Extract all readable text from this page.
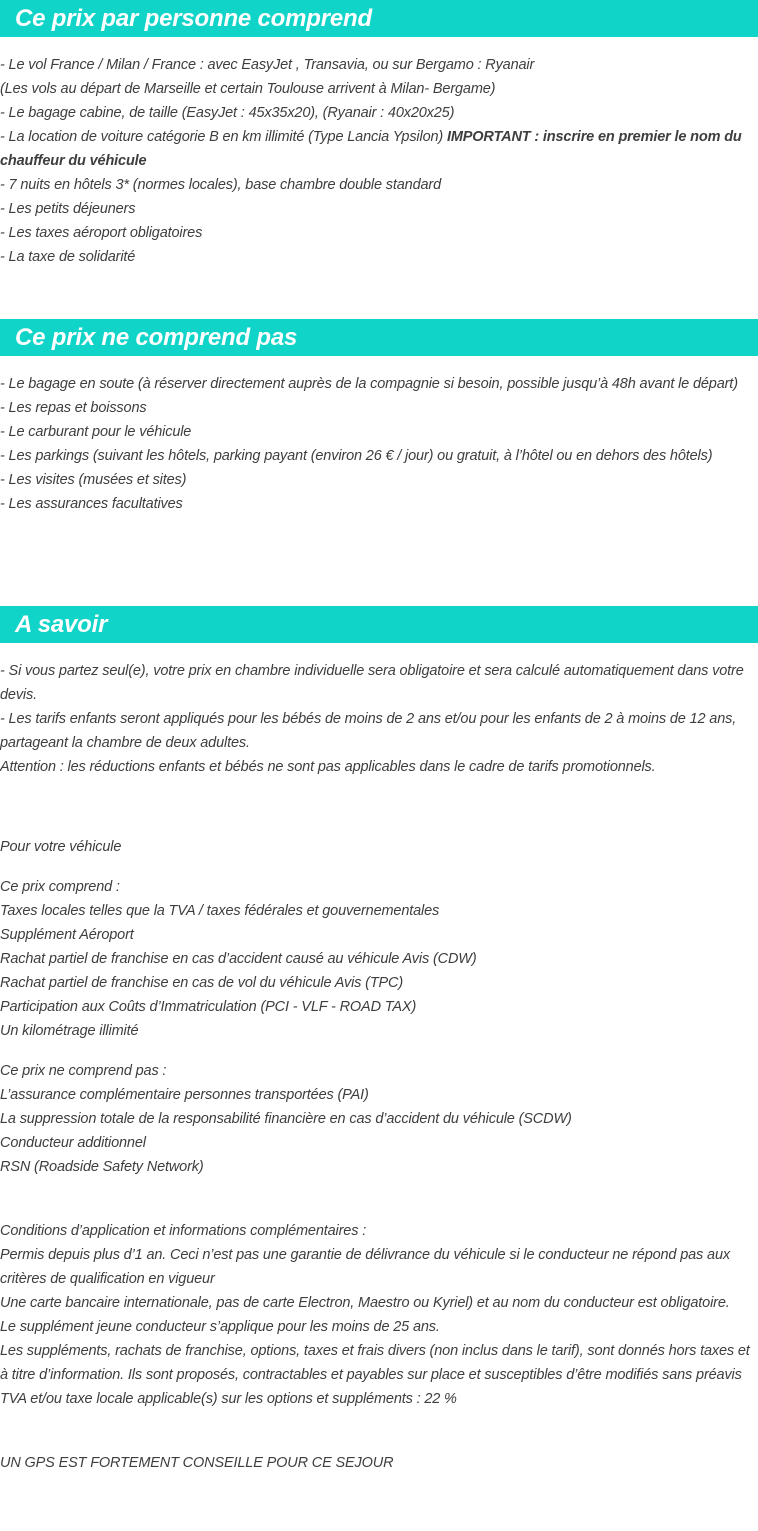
Ce prix par personne comprend
- Le vol France / Milan / France : avec EasyJet , Transavia, ou sur Bergamo : Ryanair
(Les vols au départ de Marseille et certain Toulouse arrivent à Milan- Bergame)
- Le bagage cabine, de taille (EasyJet : 45x35x20), (Ryanair : 40x20x25)
- La location de voiture catégorie B en km illimité (Type Lancia Ypsilon) IMPORTANT : inscrire en premier le nom du chauffeur du véhicule
- 7 nuits en hôtels 3* (normes locales), base chambre double standard
- Les petits déjeuners
- Les taxes aéroport obligatoires
- La taxe de solidarité
Ce prix ne comprend pas
- Le bagage en soute (à réserver directement auprès de la compagnie si besoin, possible jusqu’à 48h avant le départ)
- Les repas et boissons
- Le carburant pour le véhicule
- Les parkings (suivant les hôtels, parking payant (environ 26 € / jour) ou gratuit, à l’hôtel ou en dehors des hôtels)
- Les visites (musées et sites)
- Les assurances facultatives
A savoir
- Si vous partez seul(e), votre prix en chambre individuelle sera obligatoire et sera calculé automatiquement dans votre devis.
- Les tarifs enfants seront appliqués pour les bébés de moins de 2 ans et/ou pour les enfants de 2 à moins de 12 ans, partageant la chambre de deux adultes.
Attention : les réductions enfants et bébés ne sont pas applicables dans le cadre de tarifs promotionnels.
Pour votre véhicule
Ce prix comprend :
Taxes locales telles que la TVA / taxes fédérales et gouvernementales
Supplément Aéroport
Rachat partiel de franchise en cas d’accident causé au véhicule Avis (CDW)
Rachat partiel de franchise en cas de vol du véhicule Avis (TPC)
Participation aux Coûts d’Immatriculation (PCI - VLF - ROAD TAX)
Un kilométrage illimité
Ce prix ne comprend pas :
L’assurance complémentaire personnes transportées (PAI)
La suppression totale de la responsabilité financière en cas d’accident du véhicule (SCDW)
Conducteur additionnel
RSN (Roadside Safety Network)
Conditions d’application et informations complémentaires :
Permis depuis plus d’1 an. Ceci n’est pas une garantie de délivrance du véhicule si le conducteur ne répond pas aux critères de qualification en vigueur
Une carte bancaire internationale, pas de carte Electron, Maestro ou Kyriel) et au nom du conducteur est obligatoire.
Le supplément jeune conducteur s’applique pour les moins de 25 ans.
Les suppléments, rachats de franchise, options, taxes et frais divers (non inclus dans le tarif), sont donnés hors taxes et à titre d’information. Ils sont proposés, contractables et payables sur place et susceptibles d’être modifiés sans préavis
TVA et/ou taxe locale applicable(s) sur les options et suppléments : 22 %
UN GPS EST FORTEMENT CONSEILLE POUR CE SEJOUR
